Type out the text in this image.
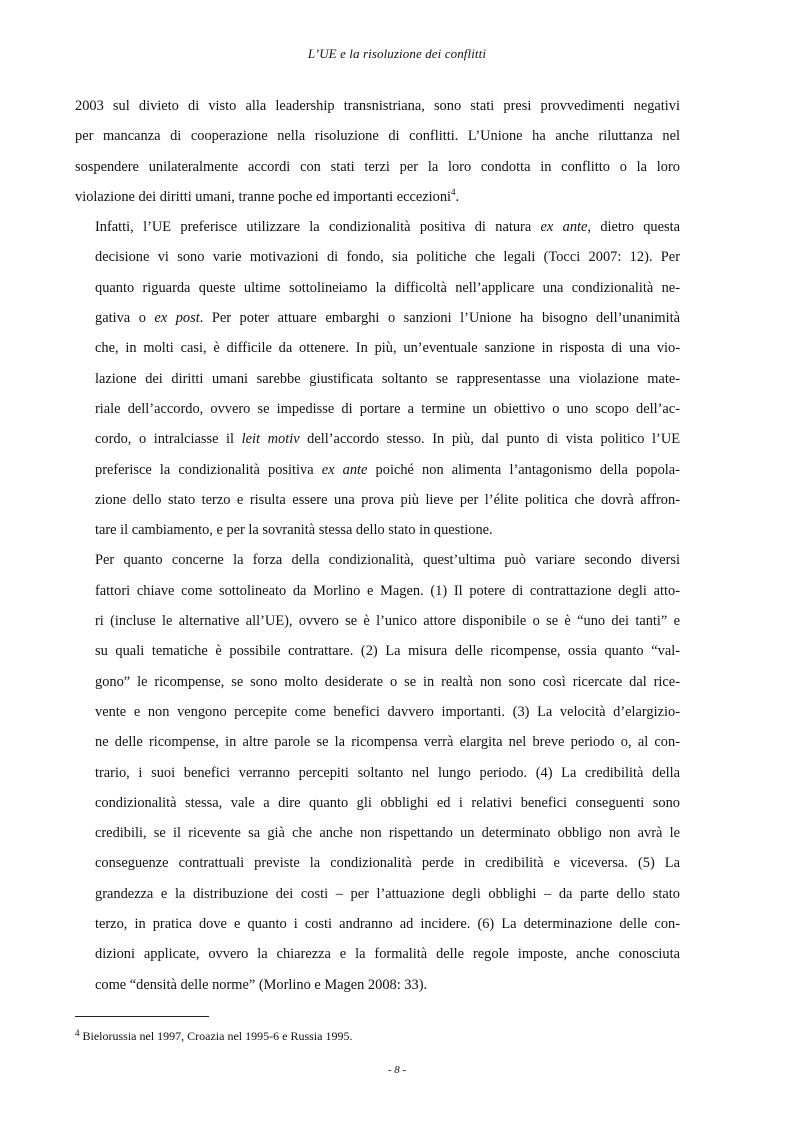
L’UE e la risoluzione dei conflitti

2003 sul divieto di visto alla leadership transnistriana, sono stati presi provvedimenti negativi
per mancanza di cooperazione nella risoluzione di conflitti. L’Unione ha anche riluttanza nel
sospendere unilateralmente accordi con stati terzi per la loro condotta in conflitto o la loro
violazione dei diritti umani, tranne poche ed importanti eccezioni$^4$.

Infatti, l’UE preferisce utilizzare la condizionalità positiva di natura ex ante, dietro questa
decisione vi sono varie motivazioni di fondo, sia politiche che legali (Tocci 2007: 12). Per
quanto riguarda queste ultime sottolineiamo la difficoltà nell’applicare una condizionalità ne-
gativa o ex post. Per poter attuare embarghi o sanzioni l’Unione ha bisogno dell’unanimità
che, in molti casi, è difficile da ottenere. In più, un’eventuale sanzione in risposta di una vio-
lazione dei diritti umani sarebbe giustificata soltanto se rappresentasse una violazione mate-
riale dell’accordo, ovvero se impedisse di portare a termine un obiettivo o uno scopo dell’ac-
cordo, o intralciasse il leit motiv dell’accordo stesso. In più, dal punto di vista politico l’UE
preferisce la condizionalità positiva ex ante poiché non alimenta l’antagonismo della popola-
zione dello stato terzo e risulta essere una prova più lieve per l’élite politica che dovrà affron-
tare il cambiamento, e per la sovranità stessa dello stato in questione.

Per quanto concerne la forza della condizionalità, quest’ultima può variare secondo diversi
fattori chiave come sottolineato da Morlino e Magen. (1) Il potere di contrattazione degli atto-
ri (incluse le alternative all’UE), ovvero se è l’unico attore disponibile o se è “uno dei tanti” e
su quali tematiche è possibile contrattare. (2) La misura delle ricompense, ossia quanto “val-
gono” le ricompense, se sono molto desiderate o se in realtà non sono così ricercate dal rice-
vente e non vengono percepite come benefici davvero importanti. (3) La velocità d’elargizio-
ne delle ricompense, in altre parole se la ricompensa verrà elargita nel breve periodo o, al con-
trario, i suoi benefici verranno percepiti soltanto nel lungo periodo. (4) La credibilità della
condizionalità stessa, vale a dire quanto gli obblighi ed i relativi benefici conseguenti sono
credibili, se il ricevente sa già che anche non rispettando un determinato obbligo non avrà le
conseguenze contrattuali previste la condizionalità perde in credibilità e viceversa. (5) La
grandezza e la distribuzione dei costi – per l’attuazione degli obblighi – da parte dello stato
terzo, in pratica dove e quanto i costi andranno ad incidere. (6) La determinazione delle con-
dizioni applicate, ovvero la chiarezza e la formalità delle regole imposte, anche conosciuta
come “densità delle norme” (Morlino e Magen 2008: 33).

$^4$ Bielorussia nel 1997, Croazia nel 1995-6 e Russia 1995.
- 8 -
